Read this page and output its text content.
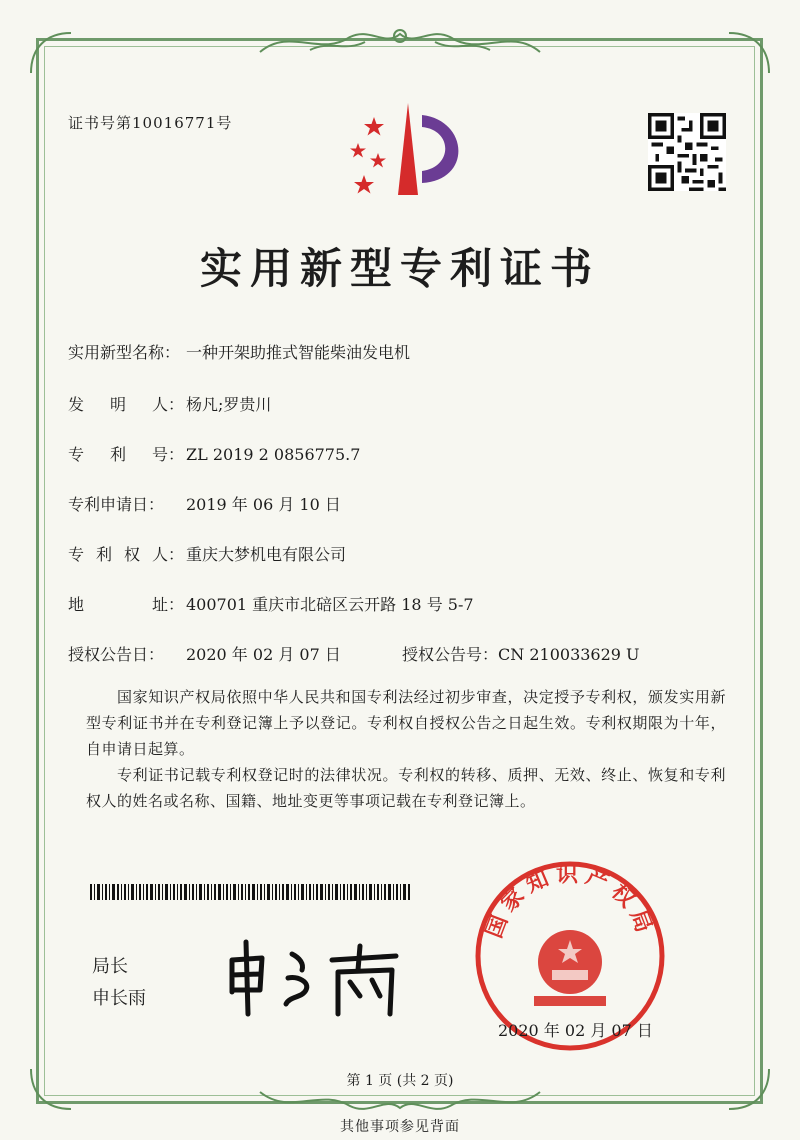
证书号第10016771号
实用新型专利证书
实用新型名称： 一种开架助推式智能柴油发电机
发 明 人 ： 杨凡;罗贵川
专 利 号 ： ZL 2019 2 0856775.7
专利申请日： 2019 年 06 月 10 日
专 利 权 人 ： 重庆大梦机电有限公司
地	址 ： 400701 重庆市北碚区云开路 18 号 5-7
授权公告日： 2020 年 02 月 07 日	授权公告号：CN 210033629 U
国家知识产权局依照中华人民共和国专利法经过初步审查，决定授予专利权，颁发实用新型专利证书并在专利登记簿上予以登记。专利权自授权公告之日起生效。专利权期限为十年，自申请日起算。
专利证书记载专利权登记时的法律状况。专利权的转移、质押、无效、终止、恢复和专利权人的姓名或名称、国籍、地址变更等事项记载在专利登记簿上。
局长
申长雨
国家知识产权局
2020 年 02 月 07 日
第 1 页 (共 2 页)
其他事项参见背面
